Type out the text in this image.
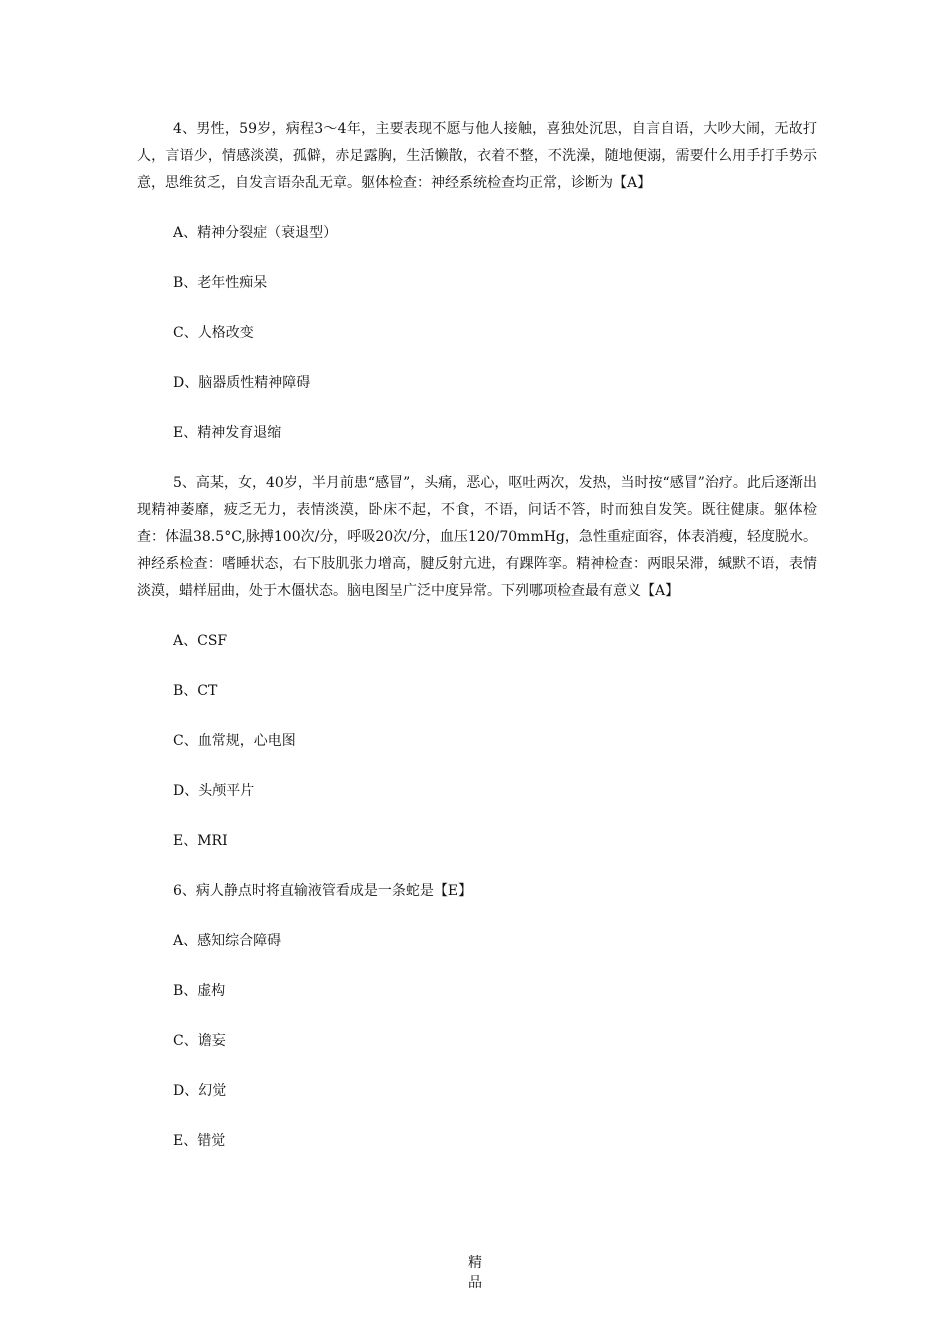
4、男性，59岁，病程3～4年，主要表现不愿与他人接触，喜独处沉思，自言自语，大吵大闹，无故打人，言语少，情感淡漠，孤僻，赤足露胸，生活懒散，衣着不整，不洗澡，随地便溺，需要什么用手打手势示意，思维贫乏，自发言语杂乱无章。躯体检查：神经系统检查均正常，诊断为【A】

A、精神分裂症（衰退型）

B、老年性痴呆

C、人格改变

D、脑器质性精神障碍

E、精神发育退缩

5、高某，女，40岁，半月前患“感冒”，头痛，恶心，呕吐两次，发热，当时按“感冒”治疗。此后逐渐出现精神萎靡，疲乏无力，表情淡漠，卧床不起，不食，不语，问话不答，时而独自发笑。既往健康。躯体检查：体温38.5°C,脉搏100次/分，呼吸20次/分，血压120/70mmHg，急性重症面容，体表消瘦，轻度脱水。神经系检查：嗜睡状态，右下肢肌张力增高，腱反射亢进，有踝阵挛。精神检查：两眼呆滞，缄默不语，表情淡漠，蜡样屈曲，处于木僵状态。脑电图呈广泛中度异常。下列哪项检查最有意义【A】

A、CSF

B、CT

C、血常规，心电图

D、头颅平片

E、MRI

6、病人静点时将直输液管看成是一条蛇是【E】

A、感知综合障碍

B、虚构

C、谵妄

D、幻觉

E、错觉

精
品
